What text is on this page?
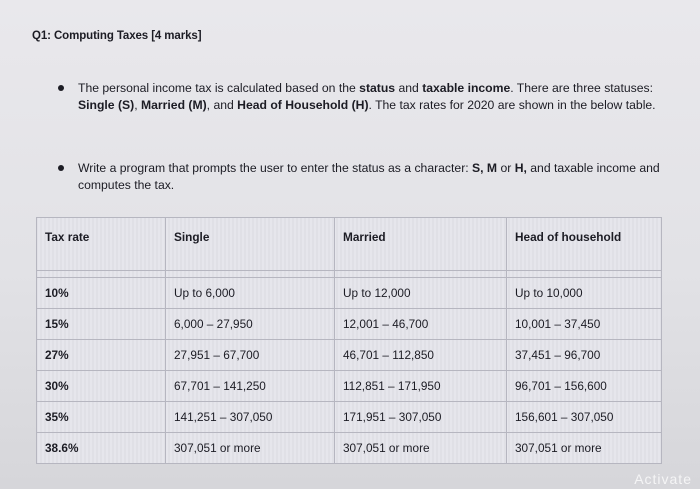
Q1: Computing Taxes [4 marks]
The personal income tax is calculated based on the status and taxable income. There are three statuses: Single (S), Married (M), and Head of Household (H). The tax rates for 2020 are shown in the below table.
Write a program that prompts the user to enter the status as a character: S, M or H, and taxable income and computes the tax.
Tax rate	Single	Married	Head of household

10%	Up to 6,000	Up to 12,000	Up to 10,000
15%	6,000 – 27,950	12,001 – 46,700	10,001 – 37,450
27%	27,951 – 67,700	46,701 – 112,850	37,451 – 96,700
30%	67,701 – 141,250	112,851 – 171,950	96,701 – 156,600
35%	141,251 – 307,050	171,951 – 307,050	156,601 – 307,050
38.6%	307,051 or more	307,051 or more	307,051 or more
Activate
